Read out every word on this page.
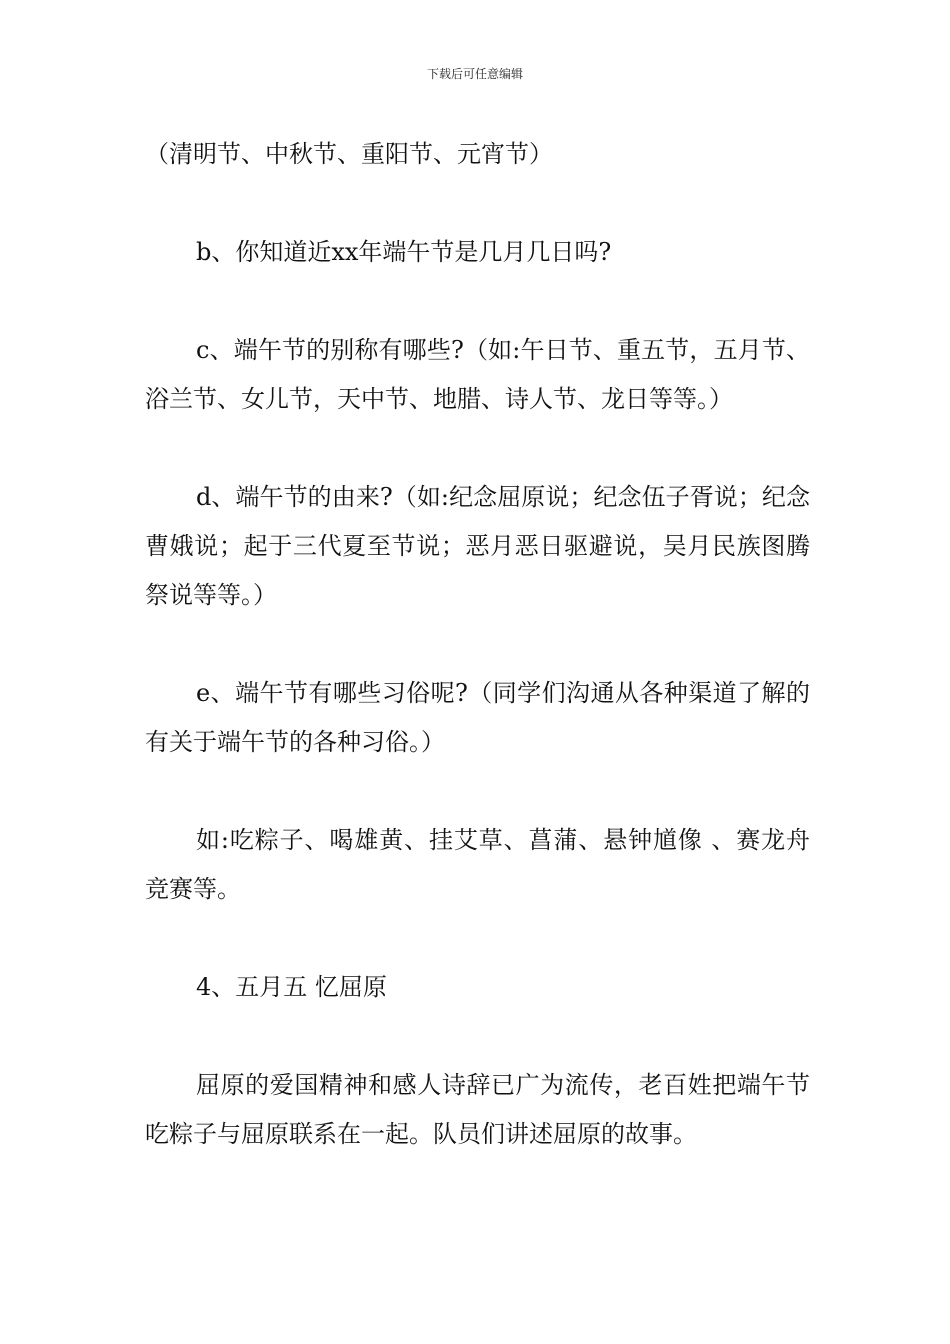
下载后可任意编辑

（清明节、中秋节、重阳节、元宵节）

b、你知道近xx年端午节是几月几日吗?

c、端午节的别称有哪些?（如:午日节、重五节，五月节、浴兰节、女儿节，天中节、地腊、诗人节、龙日等等。）

d、端午节的由来?（如:纪念屈原说；纪念伍子胥说；纪念曹娥说；起于三代夏至节说；恶月恶日驱避说，吴月民族图腾祭说等等。）

e、端午节有哪些习俗呢?（同学们沟通从各种渠道了解的有关于端午节的各种习俗。）

如:吃粽子、喝雄黄、挂艾草、菖蒲、悬钟馗像 、赛龙舟竞赛等。

4、五月五 忆屈原

屈原的爱国精神和感人诗辞已广为流传，老百姓把端午节吃粽子与屈原联系在一起。队员们讲述屈原的故事。
